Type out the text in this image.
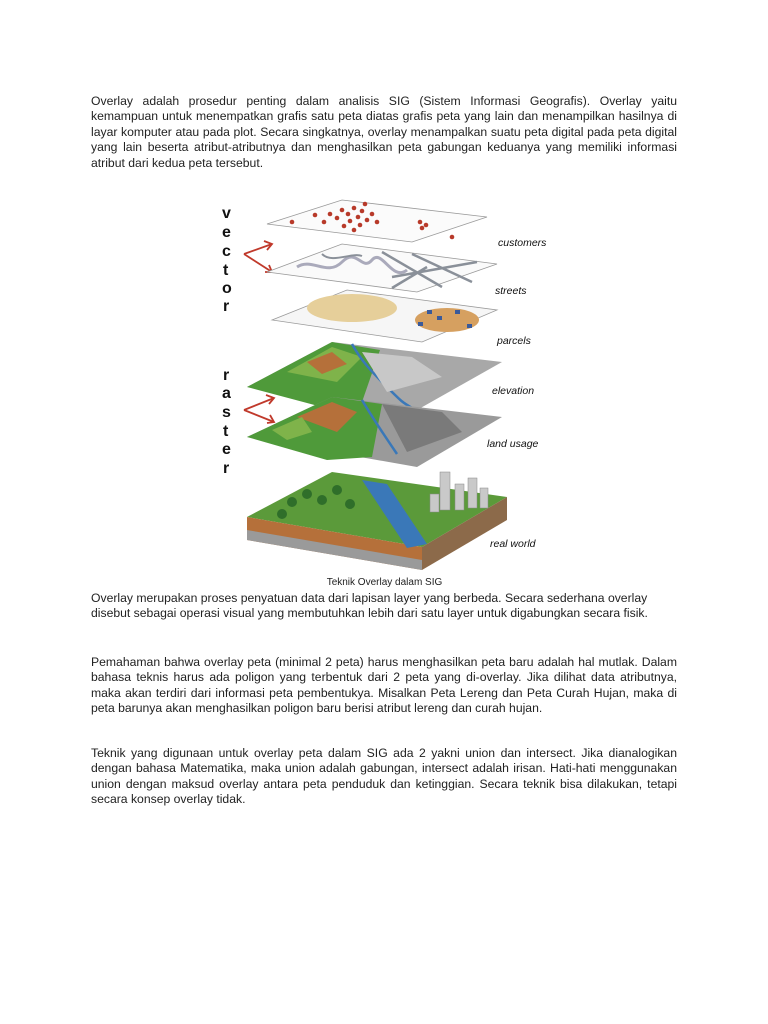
Overlay adalah prosedur penting dalam analisis SIG (Sistem Informasi Geografis). Overlay yaitu kemampuan untuk menempatkan grafis satu peta diatas grafis peta yang lain dan menampilkan hasilnya di layar komputer atau pada plot. Secara singkatnya, overlay menampalkan suatu peta digital pada peta digital yang lain beserta atribut-atributnya dan menghasilkan peta gabungan keduanya yang memiliki informasi atribut dari kedua peta tersebut.

v
e
c
t
o
r
r
a
s
t
e
r
customers
streets
parcels
elevation
land usage
real world
Teknik Overlay dalam SIG

Overlay merupakan proses penyatuan data dari lapisan layer yang berbeda. Secara sederhana overlay disebut sebagai operasi visual yang membutuhkan lebih dari satu layer untuk digabungkan secara fisik.

Pemahaman bahwa overlay peta (minimal 2 peta) harus menghasilkan peta baru adalah hal mutlak. Dalam bahasa teknis harus ada poligon yang terbentuk dari 2 peta yang di-overlay. Jika dilihat data atributnya, maka akan terdiri dari informasi peta pembentukya. Misalkan Peta Lereng dan Peta Curah Hujan, maka di peta barunya akan menghasilkan poligon baru berisi atribut lereng dan curah hujan.

Teknik yang digunaan untuk overlay peta dalam SIG ada 2 yakni union dan intersect. Jika dianalogikan dengan bahasa Matematika, maka union adalah gabungan, intersect adalah irisan. Hati-hati menggunakan union dengan maksud overlay antara peta penduduk dan ketinggian. Secara teknik bisa dilakukan, tetapi secara konsep overlay tidak.
